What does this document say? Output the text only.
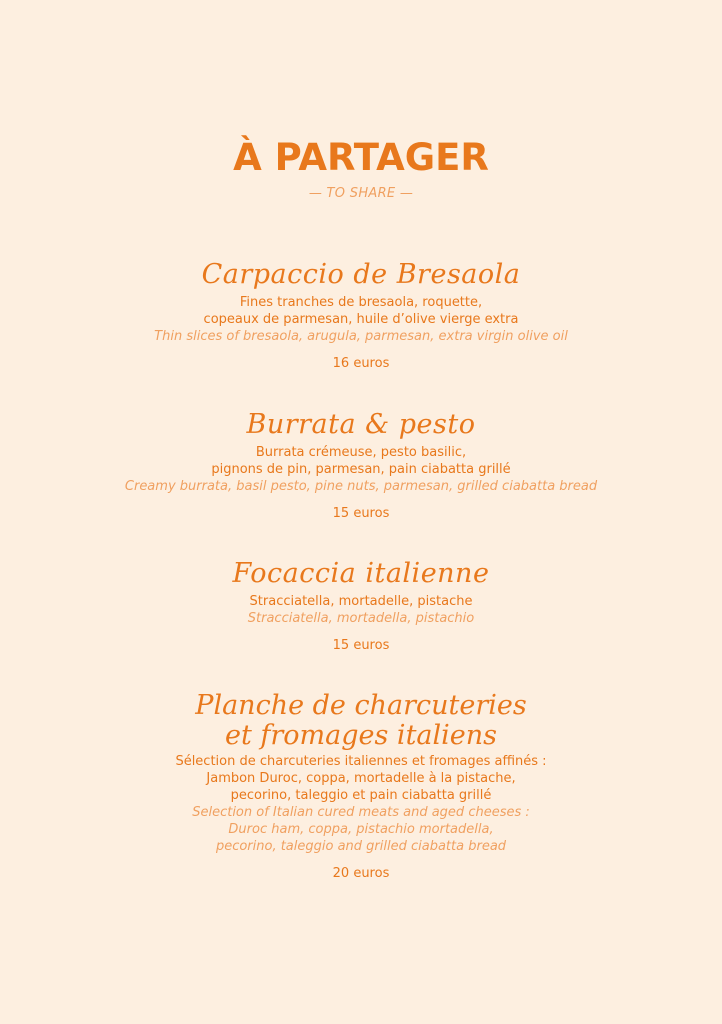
À PARTAGER
— TO SHARE —
Carpaccio de Bresaola
Fines tranches de bresaola, roquette,
copeaux de parmesan, huile d’olive vierge extra
Thin slices of bresaola, arugula, parmesan, extra virgin olive oil
16 euros
Burrata & pesto
Burrata crémeuse, pesto basilic,
pignons de pin, parmesan, pain ciabatta grillé
Creamy burrata, basil pesto, pine nuts, parmesan, grilled ciabatta bread
15 euros
Focaccia italienne
Stracciatella, mortadelle, pistache
Stracciatella, mortadella, pistachio
15 euros
Planche de charcuteries
et fromages italiens
Sélection de charcuteries italiennes et fromages affinés :
Jambon Duroc, coppa, mortadelle à la pistache,
pecorino, taleggio et pain ciabatta grillé
Selection of Italian cured meats and aged cheeses :
Duroc ham, coppa, pistachio mortadella,
pecorino, taleggio and grilled ciabatta bread
20 euros
